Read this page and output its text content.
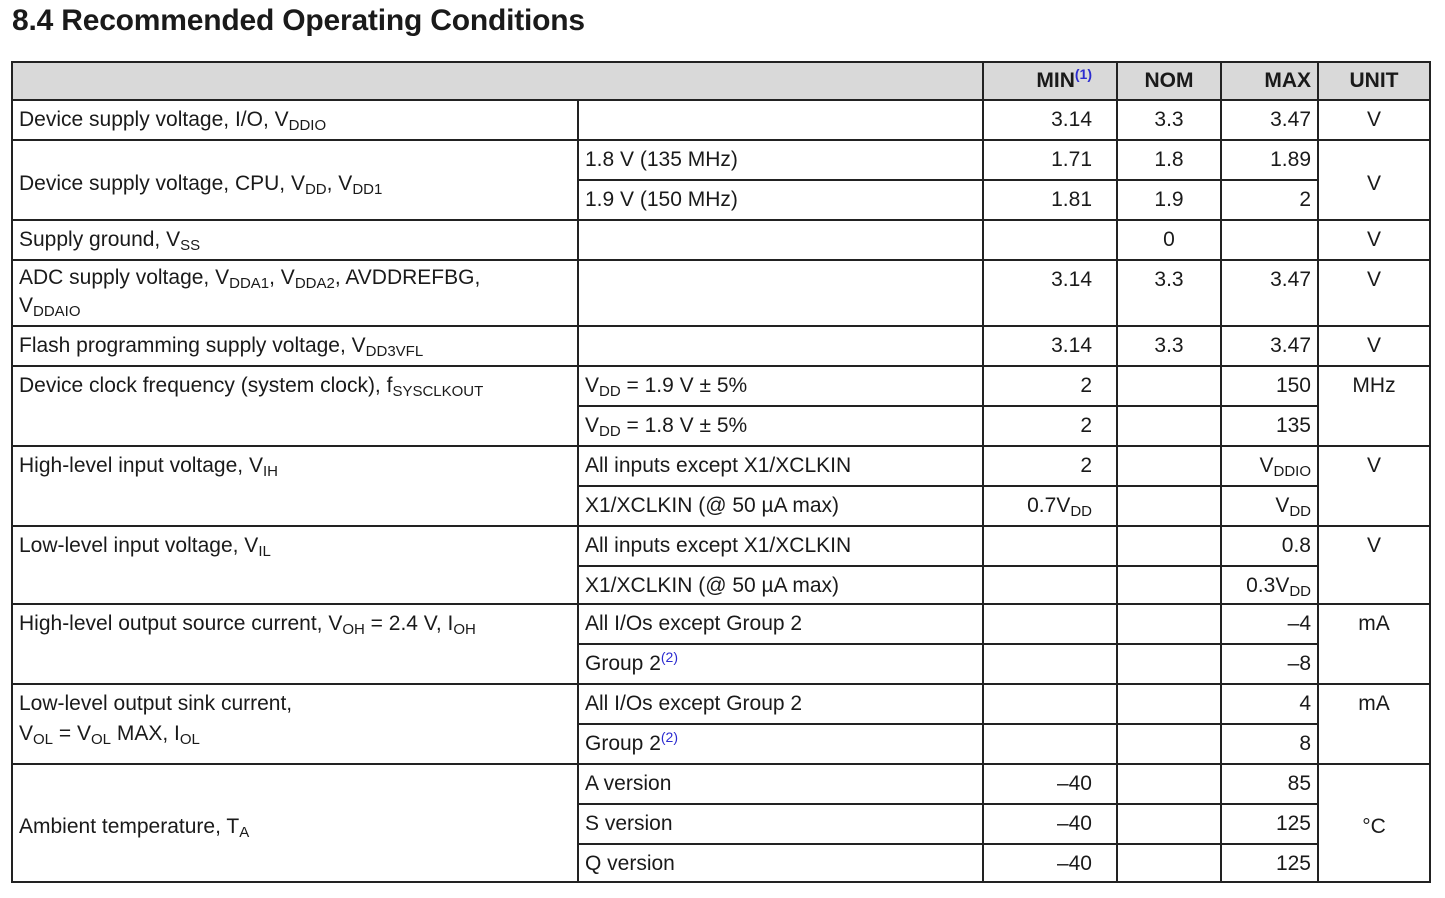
8.4 Recommended Operating Conditions
		MIN$^{(1)}$	NOM	MAX	UNIT
Device supply voltage, I/O, $V_{DDIO}$		3.14	3.3	3.47	V
Device supply voltage, CPU, $V_{DD}$, $V_{DD1}$	1.8 V (135 MHz)	1.71	1.8	1.89	V
	1.9 V (150 MHz)	1.81	1.9	2	
Supply ground, $V_{SS}$			0		V
ADC supply voltage, $V_{DDA1}$, $V_{DDA2}$, AVDDREFBG,
$V_{DDAIO}$		3.14	3.3	3.47	V
Flash programming supply voltage, $V_{DD3VFL}$		3.14	3.3	3.47	V
Device clock frequency (system clock), $f_{SYSCLKOUT}$	$V_{DD} = 1.9$ V ± 5%	2		150	MHz
	$V_{DD} = 1.8$ V ± 5%	2		135	
High-level input voltage, $V_{IH}$	All inputs except X1/XCLKIN	2		$V_{DDIO}$	V
	X1/XCLKIN (@ 50 µA max)	$0.7V_{DD}$		$V_{DD}$
Low-level input voltage, $V_{IL}$	All inputs except X1/XCLKIN			0.8	V
	X1/XCLKIN (@ 50 µA max)			$0.3V_{DD}$
High-level output source current, $V_{OH} = 2.4$ V, $I_{OH}$	All I/Os except Group 2			–4	mA
	Group 2$^{(2)}$			–8	
Low-level output sink current,
$V_{OL} = V_{OL}$ MAX, $I_{OL}$	All I/Os except Group 2			4	mA
	Group 2$^{(2)}$			8	
Ambient temperature, $T_A$	A version	–40		85	°C
	S version	–40		125	
	Q version	–40		125	
